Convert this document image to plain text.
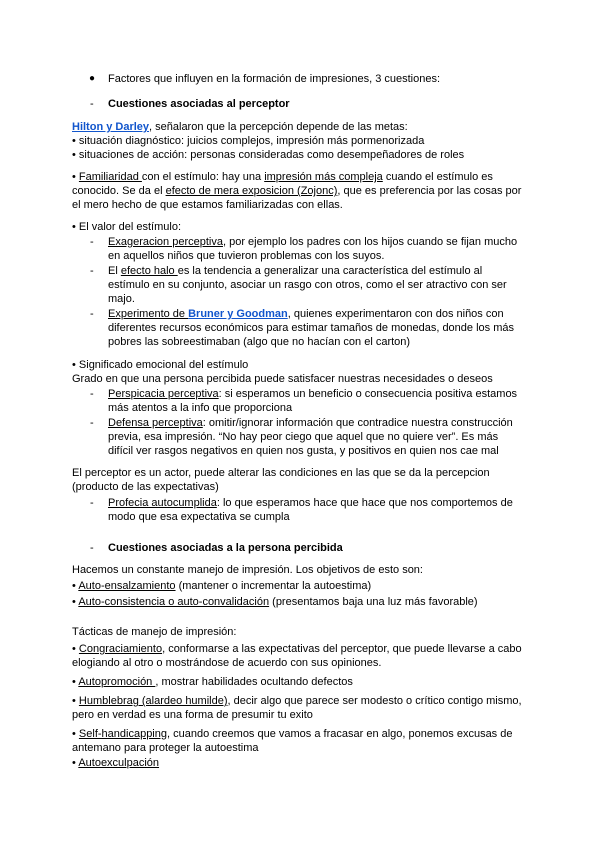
● Factores que influyen en la formación de impresiones, 3 cuestiones:
- Cuestiones asociadas al perceptor
Hilton y Darley, señalaron que la percepción depende de las metas:
• situación diagnóstico: juicios complejos, impresión más pormenorizada
• situaciones de acción: personas consideradas como desempeñadores de roles
• Familiaridad con el estímulo: hay una impresión más compleja cuando el estímulo es
conocido. Se da el efecto de mera exposicion (Zojonc), que es preferencia por las cosas por
el mero hecho de que estamos familiarizadas con ellas.
• El valor del estímulo:
- Exageracion perceptiva, por ejemplo los padres con los hijos cuando se fijan mucho
en aquellos niños que tuvieron problemas con los suyos.
- El efecto halo es la tendencia a generalizar una característica del estímulo al
estímulo en su conjunto, asociar un rasgo con otros, como el ser atractivo con ser
majo.
- Experimento de Bruner y Goodman, quienes experimentaron con dos niños con
diferentes recursos económicos para estimar tamaños de monedas, donde los más
pobres las sobreestimaban (algo que no hacían con el carton)
• Significado emocional del estímulo
Grado en que una persona percibida puede satisfacer nuestras necesidades o deseos
- Perspicacia perceptiva: si esperamos un beneficio o consecuencia positiva estamos
más atentos a la info que proporciona
- Defensa perceptiva: omitir/ignorar información que contradice nuestra construcción
previa, esa impresión. “No hay peor ciego que aquel que no quiere ver”. Es más
difícil ver rasgos negativos en quien nos gusta, y positivos en quien nos cae mal
El perceptor es un actor, puede alterar las condiciones en las que se da la percepcion
(producto de las expectativas)
- Profecia autocumplida: lo que esperamos hace que hace que nos comportemos de
modo que esa expectativa se cumpla
- Cuestiones asociadas a la persona percibida
Hacemos un constante manejo de impresión. Los objetivos de esto son:
• Auto-ensalzamiento (mantener o incrementar la autoestima)
• Auto-consistencia o auto-convalidación (presentamos baja una luz más favorable)
Tácticas de manejo de impresión:
• Congraciamiento, conformarse a las expectativas del perceptor, que puede llevarse a cabo
elogiando al otro o mostrándose de acuerdo con sus opiniones.
• Autopromoción , mostrar habilidades ocultando defectos
• Humblebrag (alardeo humilde), decir algo que parece ser modesto o crítico contigo mismo,
pero en verdad es una forma de presumir tu exito
• Self-handicapping, cuando creemos que vamos a fracasar en algo, ponemos excusas de
antemano para proteger la autoestima
• Autoexculpación
